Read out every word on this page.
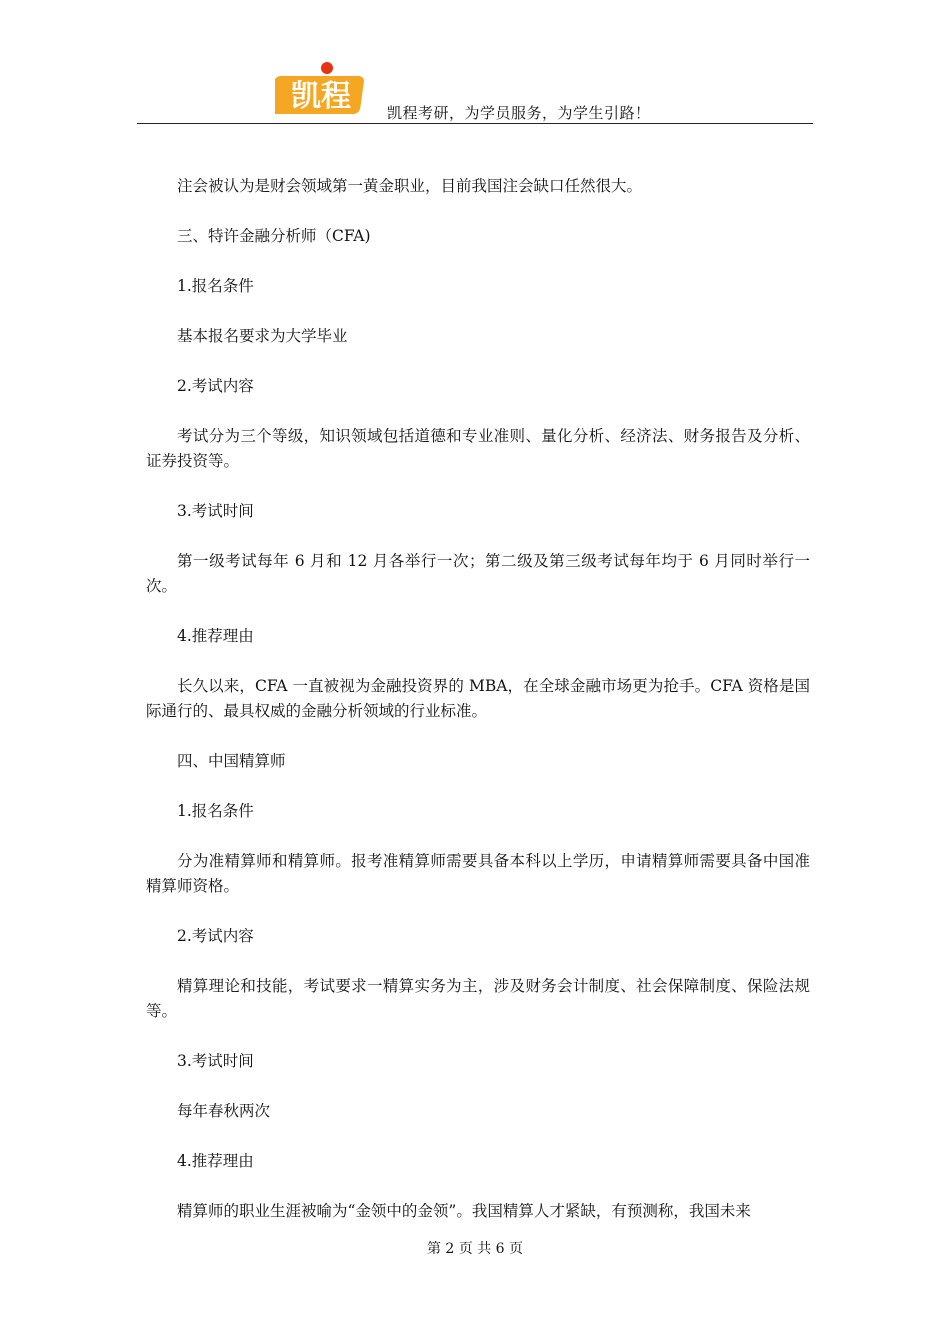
凯程 凯程考研，为学员服务，为学生引路！

注会被认为是财会领域第一黄金职业，目前我国注会缺口任然很大。

三、特许金融分析师（CFA)

1.报名条件

基本报名要求为大学毕业

2.考试内容

考试分为三个等级，知识领域包括道德和专业准则、量化分析、经济法、财务报告及分析、证券投资等。

3.考试时间

第一级考试每年 6 月和 12 月各举行一次；第二级及第三级考试每年均于 6 月同时举行一次。

4.推荐理由

长久以来，CFA 一直被视为金融投资界的 MBA，在全球金融市场更为抢手。CFA 资格是国际通行的、最具权威的金融分析领域的行业标准。

四、中国精算师

1.报名条件

分为准精算师和精算师。报考准精算师需要具备本科以上学历，申请精算师需要具备中国准精算师资格。

2.考试内容

精算理论和技能，考试要求一精算实务为主，涉及财务会计制度、社会保障制度、保险法规等。

3.考试时间

每年春秋两次

4.推荐理由

精算师的职业生涯被喻为“金领中的金领”。我国精算人才紧缺，有预测称，我国未来

第 2 页 共 6 页
